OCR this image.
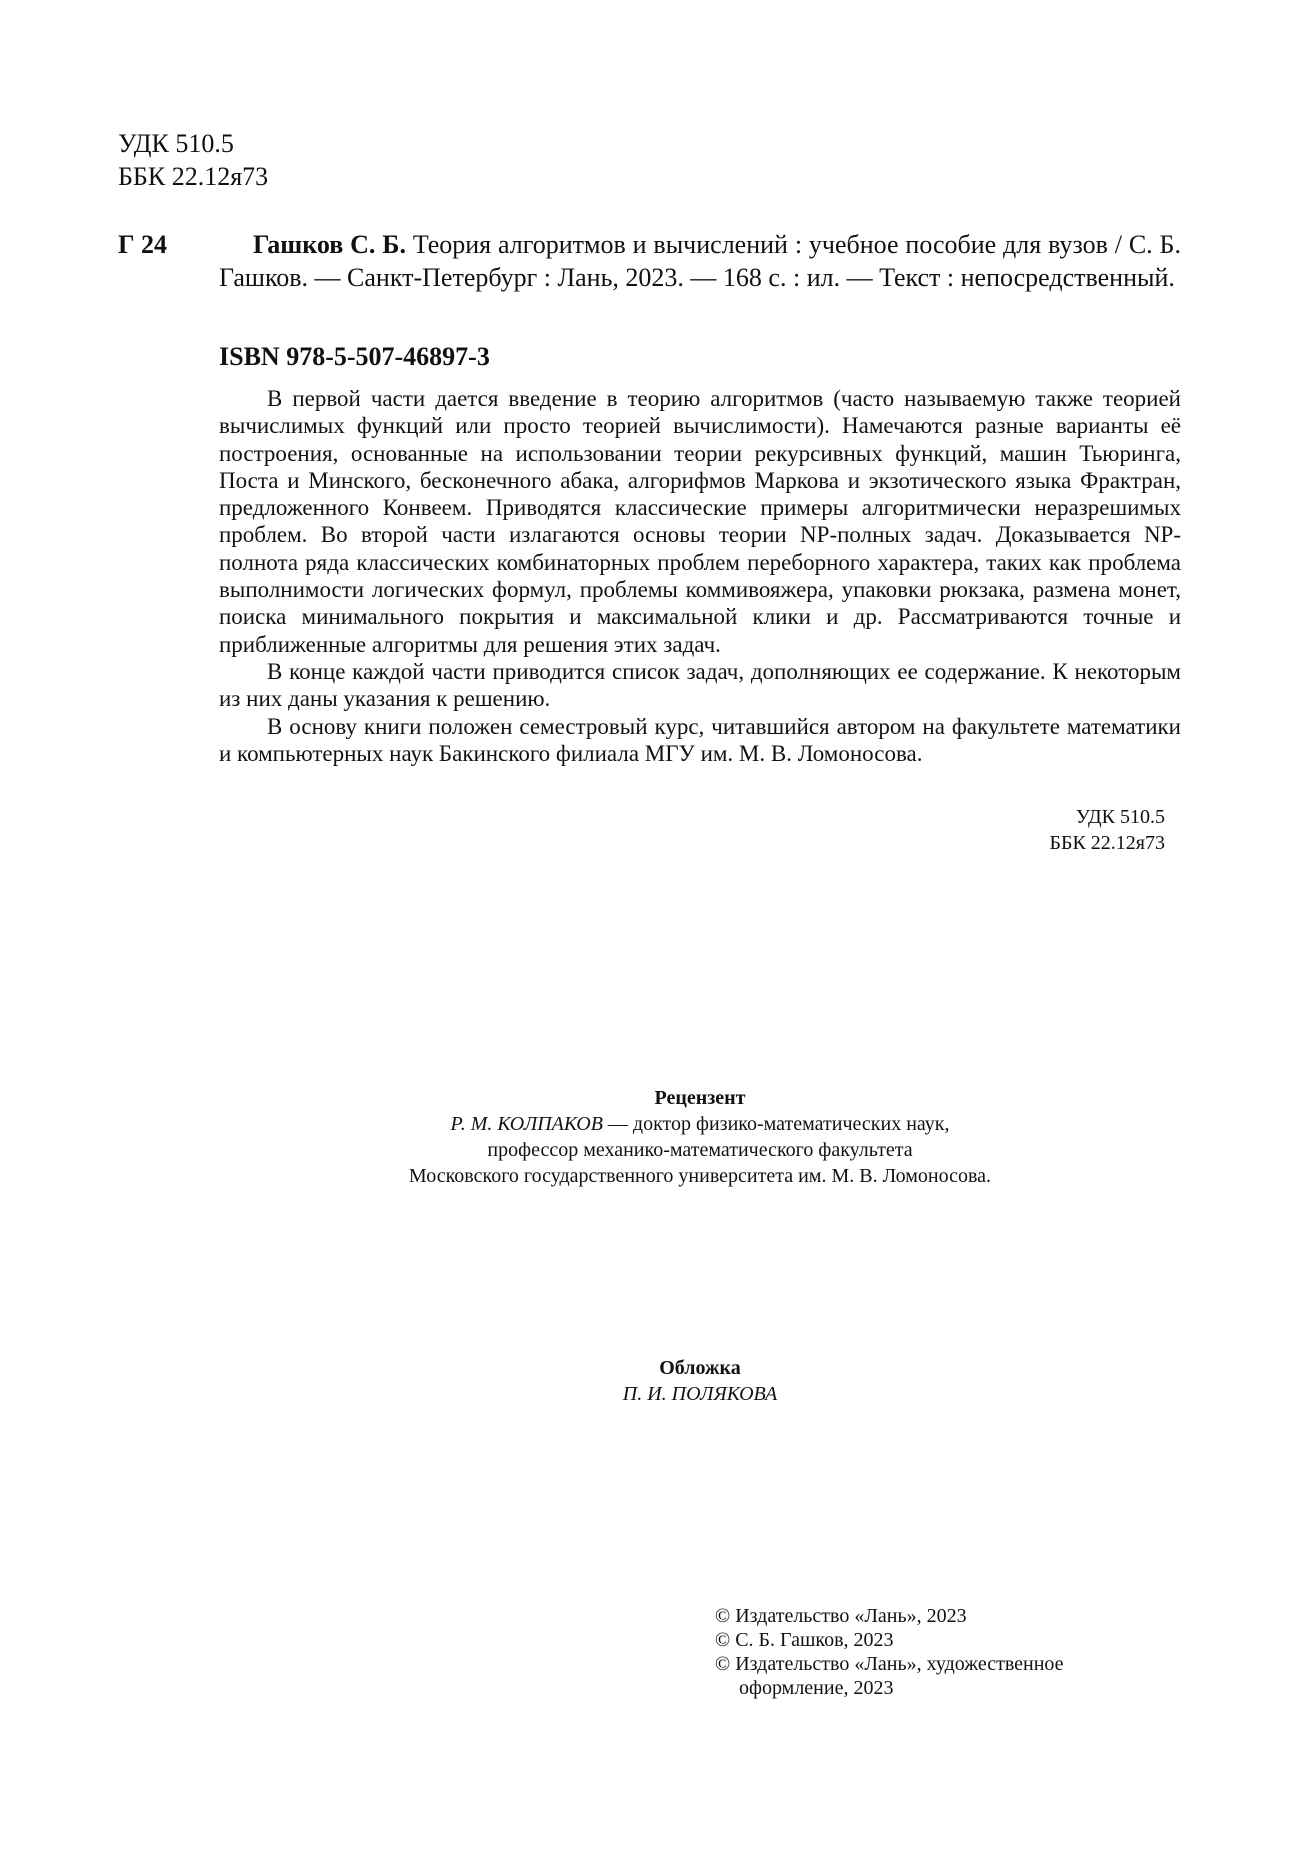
УДК 510.5
ББК 22.12я73
Г 24	Гашков С. Б. Теория алгоритмов и вычислений : учебное пособие для вузов / С. Б. Гашков. — Санкт-Петербург : Лань, 2023. — 168 с. : ил. — Текст : непосредственный.
ISBN 978-5-507-46897-3

В первой части дается введение в теорию алгоритмов (часто называемую также теорией вычислимых функций или просто теорией вычислимости). Намечаются разные варианты её построения, основанные на использовании теории рекурсивных функций, машин Тьюринга, Поста и Минского, бесконечного абака, алгорифмов Маркова и экзотического языка Фрактран, предложенного Конвеем. Приводятся классические примеры алгоритмически неразрешимых проблем. Во второй части излагаются основы теории NP-полных задач. Доказывается NP-полнота ряда классических комбинаторных проблем переборного характера, таких как проблема выполнимости логических формул, проблемы коммивояжера, упаковки рюкзака, размена монет, поиска минимального покрытия и максимальной клики и др. Рассматриваются точные и приближенные алгоритмы для решения этих задач.

В конце каждой части приводится список задач, дополняющих ее содержание. К некоторым из них даны указания к решению.

В основу книги положен семестровый курс, читавшийся автором на факультете математики и компьютерных наук Бакинского филиала МГУ им. М. В. Ломоносова.

УДК 510.5
ББК 22.12я73
Рецензент
Р. М. КОЛПАКОВ — доктор физико-математических наук,
профессор механико-математического факультета
Московского государственного университета им. М. В. Ломоносова.
Обложка
П. И. ПОЛЯКОВА
© Издательство «Лань», 2023
© С. Б. Гашков, 2023
© Издательство «Лань», художественное оформление, 2023
